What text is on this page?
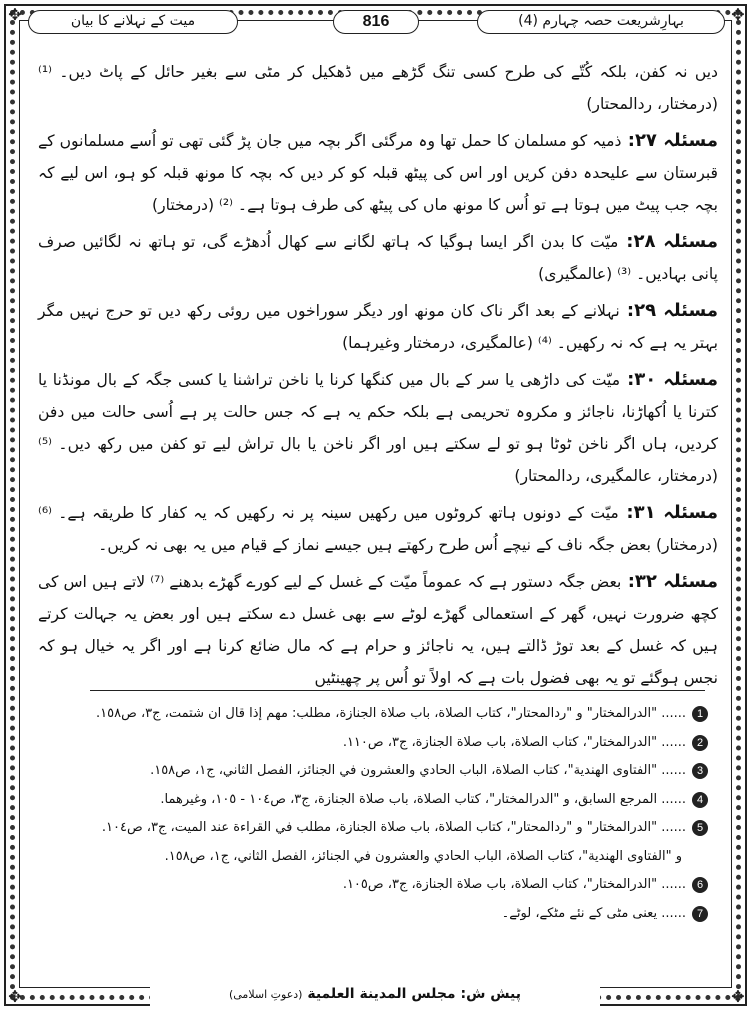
✥	✥
✥	✥
بہارِشریعت حصہ چہارم (4)
816
میت کے نہلانے کا بیان

دیں نہ کفن، بلکہ کُتّے کی طرح کسی تنگ گڑھے میں ڈھکیل کر مٹی سے بغیر حائل کے پاٹ دیں۔ ⁽¹⁾ (درمختار، ردالمحتار)

مسئلہ ۲۷: ذمیہ کو مسلمان کا حمل تھا وہ مرگئی اگر بچہ میں جان پڑ گئی تھی تو اُسے مسلمانوں کے قبرستان سے علیحدہ دفن کریں اور اس کی پیٹھ قبلہ کو کر دیں کہ بچہ کا مونھ قبلہ کو ہو، اس لیے کہ بچہ جب پیٹ میں ہوتا ہے تو اُس کا مونھ ماں کی پیٹھ کی طرف ہوتا ہے۔ ⁽²⁾ (درمختار)

مسئلہ ۲۸: میّت کا بدن اگر ایسا ہوگیا کہ ہاتھ لگانے سے کھال اُدھڑے گی، تو ہاتھ نہ لگائیں صرف پانی بہادیں۔ ⁽³⁾ (عالمگیری)

مسئلہ ۲۹: نہلانے کے بعد اگر ناک کان مونھ اور دیگر سوراخوں میں روئی رکھ دیں تو حرج نہیں مگر بہتر یہ ہے کہ نہ رکھیں۔ ⁽⁴⁾ (عالمگیری، درمختار وغیرہما)

مسئلہ ۳۰: میّت کی داڑھی یا سر کے بال میں کنگھا کرنا یا ناخن تراشنا یا کسی جگہ کے بال مونڈنا یا کترنا یا اُکھاڑنا، ناجائز و مکروہ تحریمی ہے بلکہ حکم یہ ہے کہ جس حالت پر ہے اُسی حالت میں دفن کردیں، ہاں اگر ناخن ٹوٹا ہو تو لے سکتے ہیں اور اگر ناخن یا بال تراش لیے تو کفن میں رکھ دیں۔ ⁽⁵⁾ (درمختار، عالمگیری، ردالمحتار)

مسئلہ ۳۱: میّت کے دونوں ہاتھ کروٹوں میں رکھیں سینہ پر نہ رکھیں کہ یہ کفار کا طریقہ ہے۔ ⁽⁶⁾ (درمختار) بعض جگہ ناف کے نیچے اُس طرح رکھتے ہیں جیسے نماز کے قیام میں یہ بھی نہ کریں۔

مسئلہ ۳۲: بعض جگہ دستور ہے کہ عموماً میّت کے غسل کے لیے کورے گھڑے بدھنے ⁽⁷⁾ لاتے ہیں اس کی کچھ ضرورت نہیں، گھر کے استعمالی گھڑے لوٹے سے بھی غسل دے سکتے ہیں اور بعض یہ جہالت کرتے ہیں کہ غسل کے بعد توڑ ڈالتے ہیں، یہ ناجائز و حرام ہے کہ مال ضائع کرنا ہے اور اگر یہ خیال ہو کہ نجس ہوگئے تو یہ بھی فضول بات ہے کہ اولاً تو اُس پر چھینٹیں

1
...... "الدرالمختار" و "ردالمحتار"، كتاب الصلاة، باب صلاة الجنازة، مطلب: مهم إذا قال ان شتمت، ج٣، ص١٥٨.
2
...... "الدرالمختار"، كتاب الصلاة، باب صلاة الجنازة، ج٣، ص١١٠.
3
...... "الفتاوى الهندية"، كتاب الصلاة، الباب الحادي والعشرون في الجنائز، الفصل الثاني، ج١، ص١٥٨.
4
...... المرجع السابق، و "الدرالمختار"، كتاب الصلاة، باب صلاة الجنازة، ج٣، ص١٠٤ - ١٠٥، وغيرهما.
5
...... "الدرالمختار" و "ردالمحتار"، كتاب الصلاة، باب صلاة الجنازة، مطلب في القراءة عند الميت، ج٣، ص١٠٤.
و "الفتاوى الهندية"، كتاب الصلاة، الباب الحادي والعشرون في الجنائز، الفصل الثاني، ج١، ص١٥٨.
6
...... "الدرالمختار"، كتاب الصلاة، باب صلاة الجنازة، ج٣، ص١٠٥.
7
...... یعنی مٹی کے نئے مٹکے، لوٹے۔
پیش ش: مجلس المدينة العلمية (دعوتِ اسلامی)
